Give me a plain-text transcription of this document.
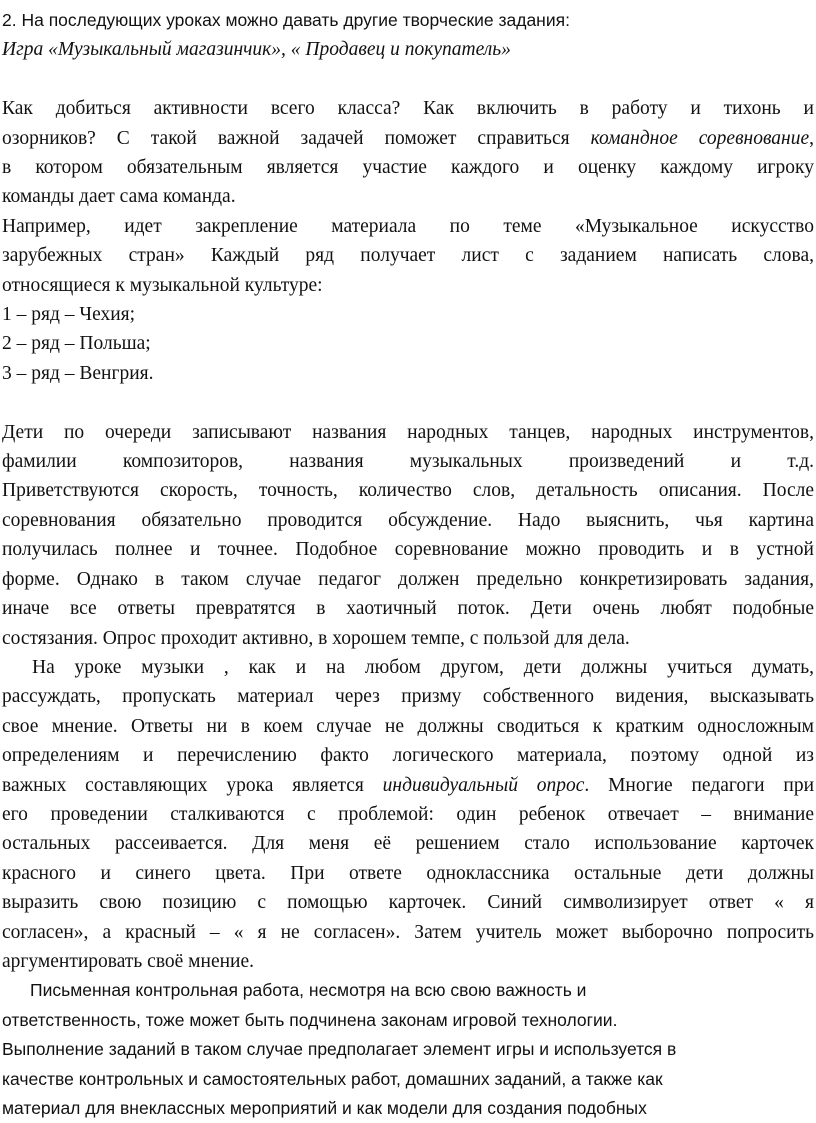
2. На последующих уроках можно давать другие творческие задания:
Игра «Музыкальный магазинчик», « Продавец и покупатель»
Как добиться активности всего класса? Как включить в работу и тихонь и
озорников? С такой важной задачей поможет справиться командное соревнование,
в котором обязательным является участие каждого и оценку каждому игроку
команды дает сама команда.
Например, идет закрепление материала по теме «Музыкальное искусство
зарубежных стран» Каждый ряд получает лист с заданием написать слова,
относящиеся к музыкальной культуре:
1 – ряд – Чехия;
2 – ряд – Польша;
3 – ряд – Венгрия.
Дети по очереди записывают названия народных танцев, народных инструментов,
фамилии композиторов, названия музыкальных произведений и т.д.
Приветствуются скорость, точность, количество слов, детальность описания. После
соревнования обязательно проводится обсуждение. Надо выяснить, чья картина
получилась полнее и точнее. Подобное соревнование можно проводить и в устной
форме. Однако в таком случае педагог должен предельно конкретизировать задания,
иначе все ответы превратятся в хаотичный поток. Дети очень любят подобные
состязания. Опрос проходит активно, в хорошем темпе, с пользой для дела.
На уроке музыки , как и на любом другом, дети должны учиться думать,
рассуждать, пропускать материал через призму собственного видения, высказывать
свое мнение. Ответы ни в коем случае не должны сводиться к кратким односложным
определениям и перечислению факто логического материала, поэтому одной из
важных составляющих урока является индивидуальный опрос. Многие педагоги при
его проведении сталкиваются с проблемой: один ребенок отвечает – внимание
остальных рассеивается. Для меня её решением стало использование карточек
красного и синего цвета. При ответе одноклассника остальные дети должны
выразить свою позицию с помощью карточек. Синий символизирует ответ « я
согласен», а красный – « я не согласен». Затем учитель может выборочно попросить
аргументировать своё мнение.
Письменная контрольная работа, несмотря на всю свою важность и
ответственность, тоже может быть подчинена законам игровой технологии.
Выполнение заданий в таком случае предполагает элемент игры и используется в
качестве контрольных и самостоятельных работ, домашних заданий, а также как
материал для внеклассных мероприятий и как модели для создания подобных
